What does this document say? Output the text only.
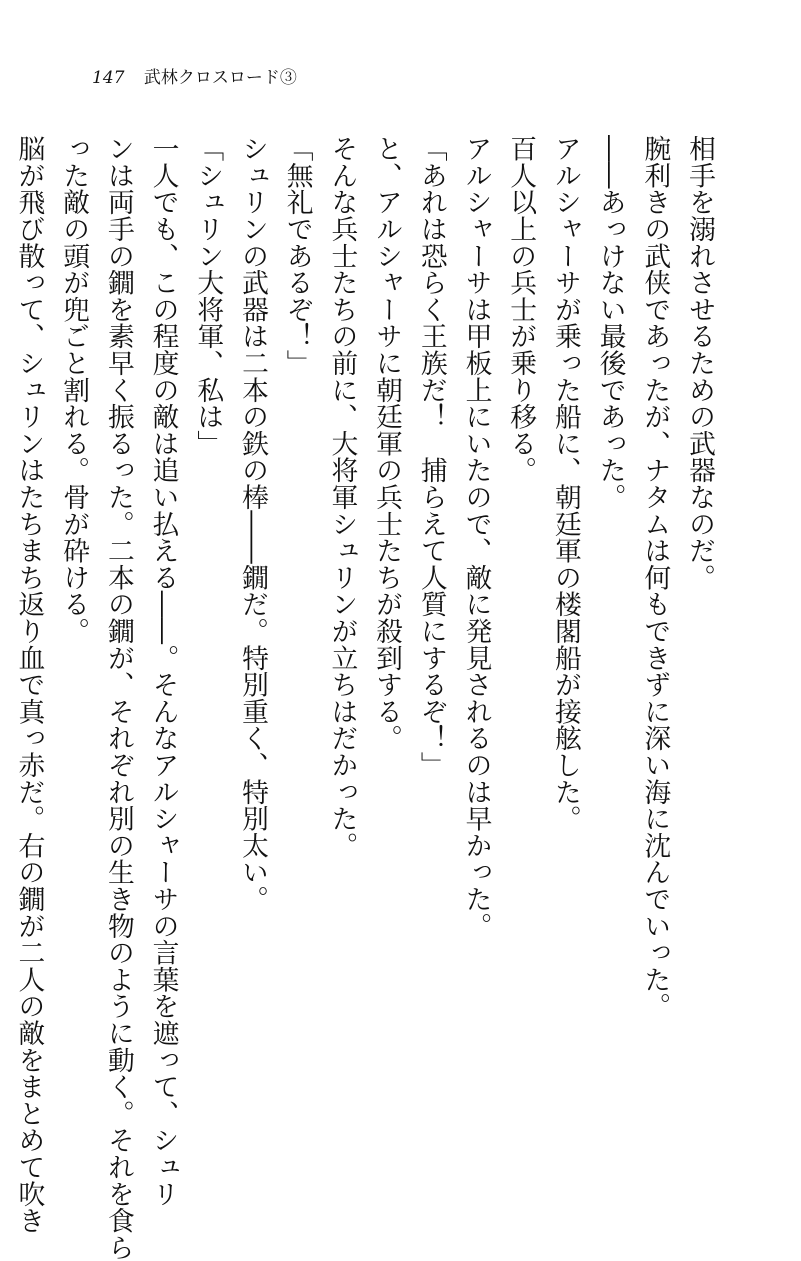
147 武林クロスロード③

相手を溺れさせるための武器なのだ。

腕利きの武侠であったが、ナタムは何もできずに深い海に沈んでいった。

――あっけない最後であった。

アルシャーサが乗った船に、朝廷軍の楼閣船が接舷した。

百人以上の兵士が乗り移る。

アルシャーサは甲板上にいたので、敵に発見されるのは早かった。

「あれは恐らく王族だ！　捕らえて人質にするぞ！」

と、アルシャーサに朝廷軍の兵士たちが殺到する。

そんな兵士たちの前に、大将軍シュリンが立ちはだかった。

「無礼であるぞ！」

シュリンの武器は二本の鉄の棒――鐗だ。特別重く、特別太い。

「シュリン大将軍、私は」

一人でも、この程度の敵は追い払える――。そんなアルシャーサの言葉を遮って、シュリ

ンは両手の鐗を素早く振るった。二本の鐗が、それぞれ別の生き物のように動く。それを食ら

った敵の頭が兜ごと割れる。骨が砕ける。

脳が飛び散って、シュリンはたちまち返り血で真っ赤だ。右の鐗が二人の敵をまとめて吹き
